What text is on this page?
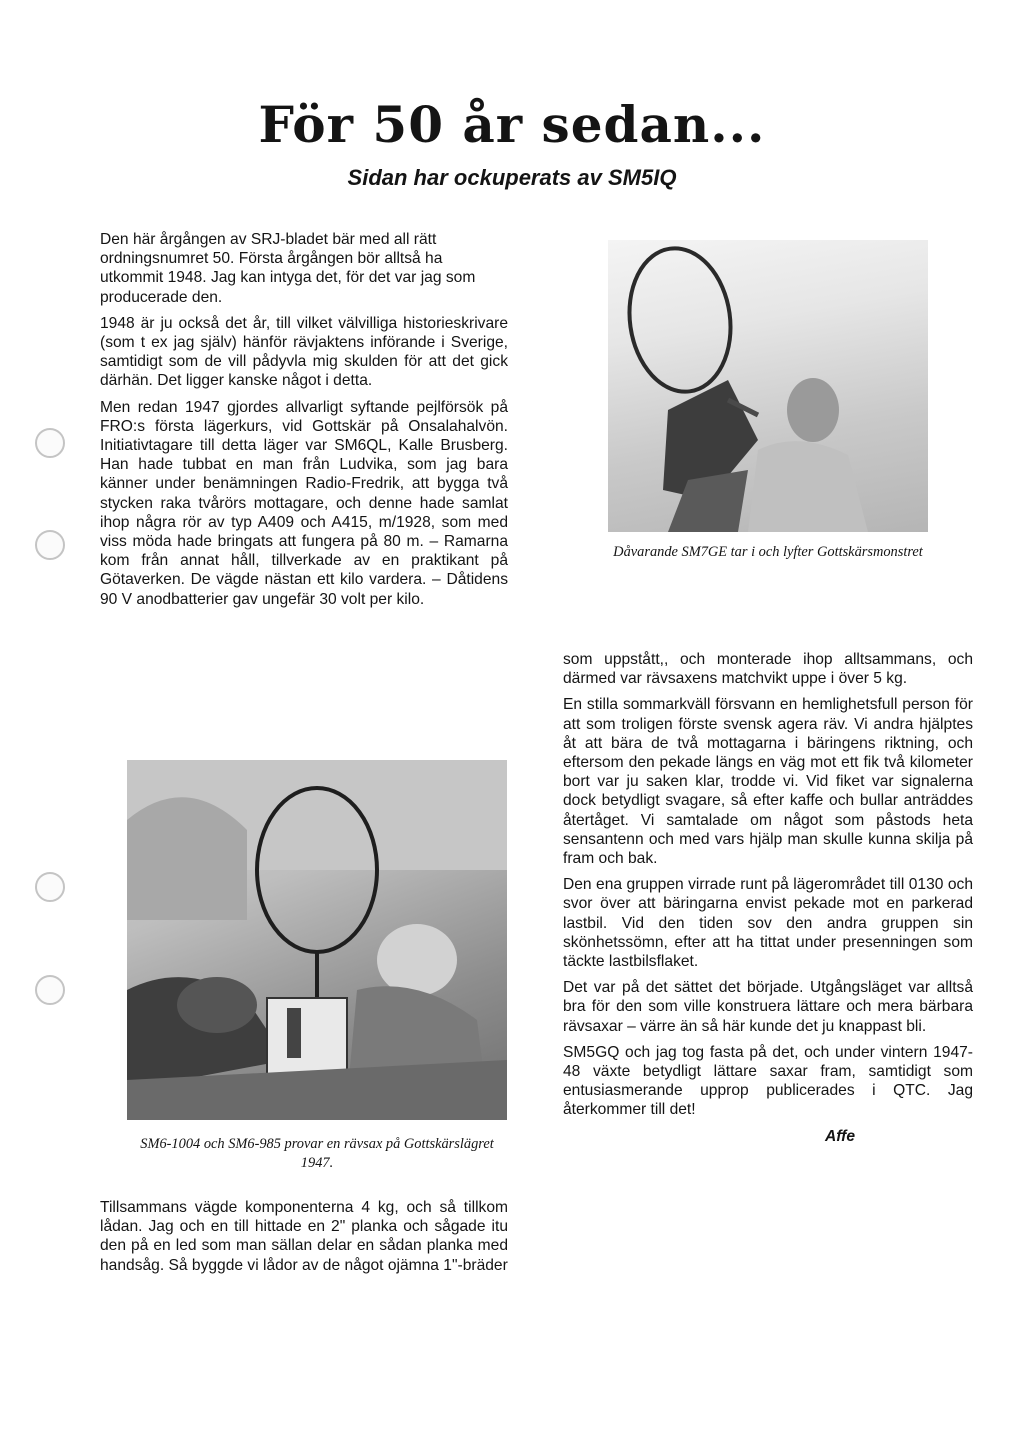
För 50 år sedan...
Sidan har ockuperats av SM5IQ

Den här årgången av SRJ-bladet bär med all rätt ordningsnumret 50. Första årgången bör alltså ha utkommit 1948. Jag kan intyga det, för det var jag som producerade den.

1948 är ju också det år, till vilket välvilliga historieskrivare (som t ex jag själv) hänför rävjaktens införande i Sverige, samtidigt som de vill pådyvla mig skulden för att det gick därhän. Det ligger kanske något i detta.

Men redan 1947 gjordes allvarligt syftande pejlförsök på FRO:s första lägerkurs, vid Gottskär på Onsalahalvön. Initiativtagare till detta läger var SM6QL, Kalle Brusberg. Han hade tubbat en man från Ludvika, som jag bara känner under benämningen Radio-Fredrik, att bygga två stycken raka tvårörs mottagare, och denne hade samlat ihop några rör av typ A409 och A415, m/1928, som med viss möda hade bringats att fungera på 80 m. – Ramarna kom från annat håll, tillverkade av en praktikant på Götaverken. De vägde nästan ett kilo vardera. – Dåtidens 90 V anodbatterier gav ungefär 30 volt per kilo.

Dåvarande SM7GE tar i och lyfter Gottskärsmonstret
SM6-1004 och SM6-985 provar en rävsax på Gottskärslägret 1947.

Tillsammans vägde komponenterna 4 kg, och så tillkom lådan. Jag och en till hittade en 2" planka och sågade itu den på en led som man sällan delar en sådan planka med handsåg. Så byggde vi lådor av de något ojämna 1"-bräder

som uppstått,, och monterade ihop alltsammans, och därmed var rävsaxens matchvikt uppe i över 5 kg.

En stilla sommarkväll försvann en hemlighetsfull person för att som troligen förste svensk agera räv. Vi andra hjälptes åt att bära de två mottagarna i bäringens riktning, och eftersom den pekade längs en väg mot ett fik två kilometer bort var ju saken klar, trodde vi. Vid fiket var signalerna dock betydligt svagare, så efter kaffe och bullar anträddes återtåget. Vi samtalade om något som påstods heta sensantenn och med vars hjälp man skulle kunna skilja på fram och bak.

Den ena gruppen virrade runt på lägerområdet till 0130 och svor över att bäringarna envist pekade mot en parkerad lastbil. Vid den tiden sov den andra gruppen sin skönhetssömn, efter att ha tittat under presenningen som täckte lastbilsflaket.

Det var på det sättet det började. Utgångsläget var alltså bra för den som ville konstruera lättare och mera bärbara rävsaxar – värre än så här kunde det ju knappast bli.

SM5GQ och jag tog fasta på det, och under vintern 1947-48 växte betydligt lättare saxar fram, samtidigt som entusiasmerande upprop publicerades i QTC. Jag återkommer till det!

Affe
